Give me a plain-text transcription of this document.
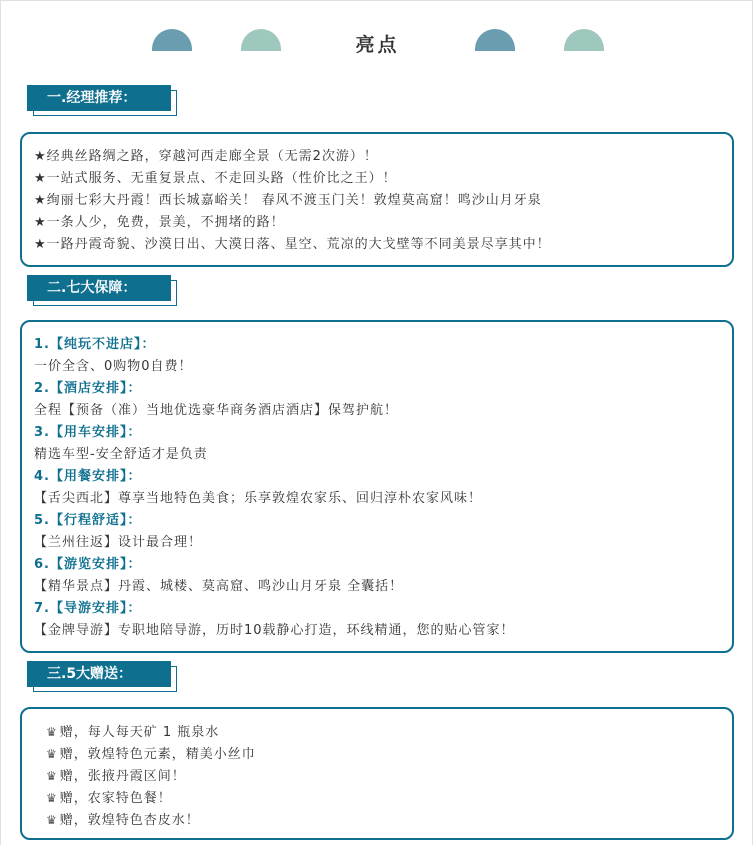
亮点
一.经理推荐：
★经典丝路绸之路，穿越河西走廊全景（无需2次游）！
★一站式服务、无重复景点、不走回头路（性价比之王）！
★绚丽七彩大丹霞！西长城嘉峪关！ 春风不渡玉门关！敦煌莫高窟！鸣沙山月牙泉
★一条人少，免费，景美，不拥堵的路！
★一路丹霞奇貌、沙漠日出、大漠日落、星空、荒凉的大戈壁等不同美景尽享其中！
二.七大保障：
1.【纯玩不进店】：
一价全含、0购物0自费！
2.【酒店安排】：
全程【预备（准）当地优选豪华商务酒店酒店】保驾护航！
3.【用车安排】：
精选车型-安全舒适才是负责
4.【用餐安排】：
【舌尖西北】尊享当地特色美食；乐享敦煌农家乐、回归淳朴农家风味！
5.【行程舒适】：
【兰州往返】设计最合理！
6.【游览安排】：
【精华景点】丹霞、城楼、莫高窟、鸣沙山月牙泉 全囊括！
7.【导游安排】：
【金牌导游】专职地陪导游，历时10载静心打造，环线精通，您的贴心管家！
三.5大赠送：
♛ 赠，每人每天矿 1 瓶泉水
♛ 赠，敦煌特色元素，精美小丝巾
♛ 赠，张掖丹霞区间！
♛ 赠，农家特色餐！
♛ 赠，敦煌特色杏皮水！
